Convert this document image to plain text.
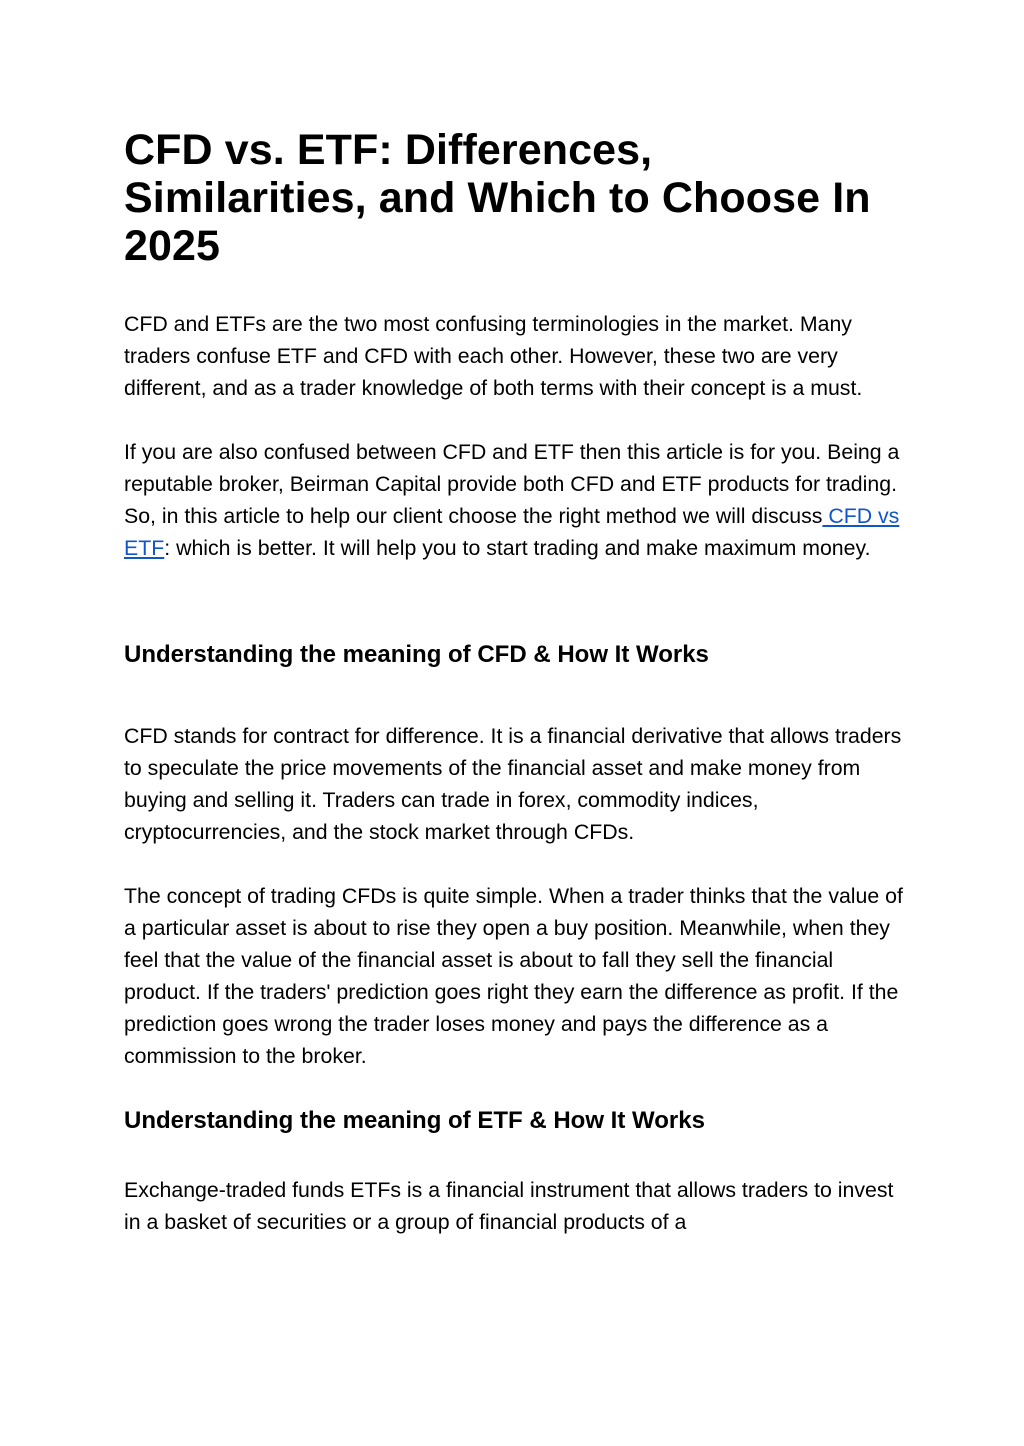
CFD vs. ETF: Differences, Similarities, and Which to Choose In 2025

CFD and ETFs are the two most confusing terminologies in the market. Many traders confuse ETF and CFD with each other. However, these two are very different, and as a trader knowledge of both terms with their concept is a must.

If you are also confused between CFD and ETF then this article is for you. Being a reputable broker, Beirman Capital provide both CFD and ETF products for trading. So, in this article to help our client choose the right method we will discuss CFD vs ETF: which is better. It will help you to start trading and make maximum money.

Understanding the meaning of CFD & How It Works

CFD stands for contract for difference. It is a financial derivative that allows traders to speculate the price movements of the financial asset and make money from buying and selling it. Traders can trade in forex, commodity indices, cryptocurrencies, and the stock market through CFDs.

The concept of trading CFDs is quite simple. When a trader thinks that the value of a particular asset is about to rise they open a buy position. Meanwhile, when they feel that the value of the financial asset is about to fall they sell the financial product. If the traders' prediction goes right they earn the difference as profit. If the prediction goes wrong the trader loses money and pays the difference as a commission to the broker.

Understanding the meaning of ETF & How It Works

Exchange-traded funds ETFs is a financial instrument that allows traders to invest in a basket of securities or a group of financial products of a
